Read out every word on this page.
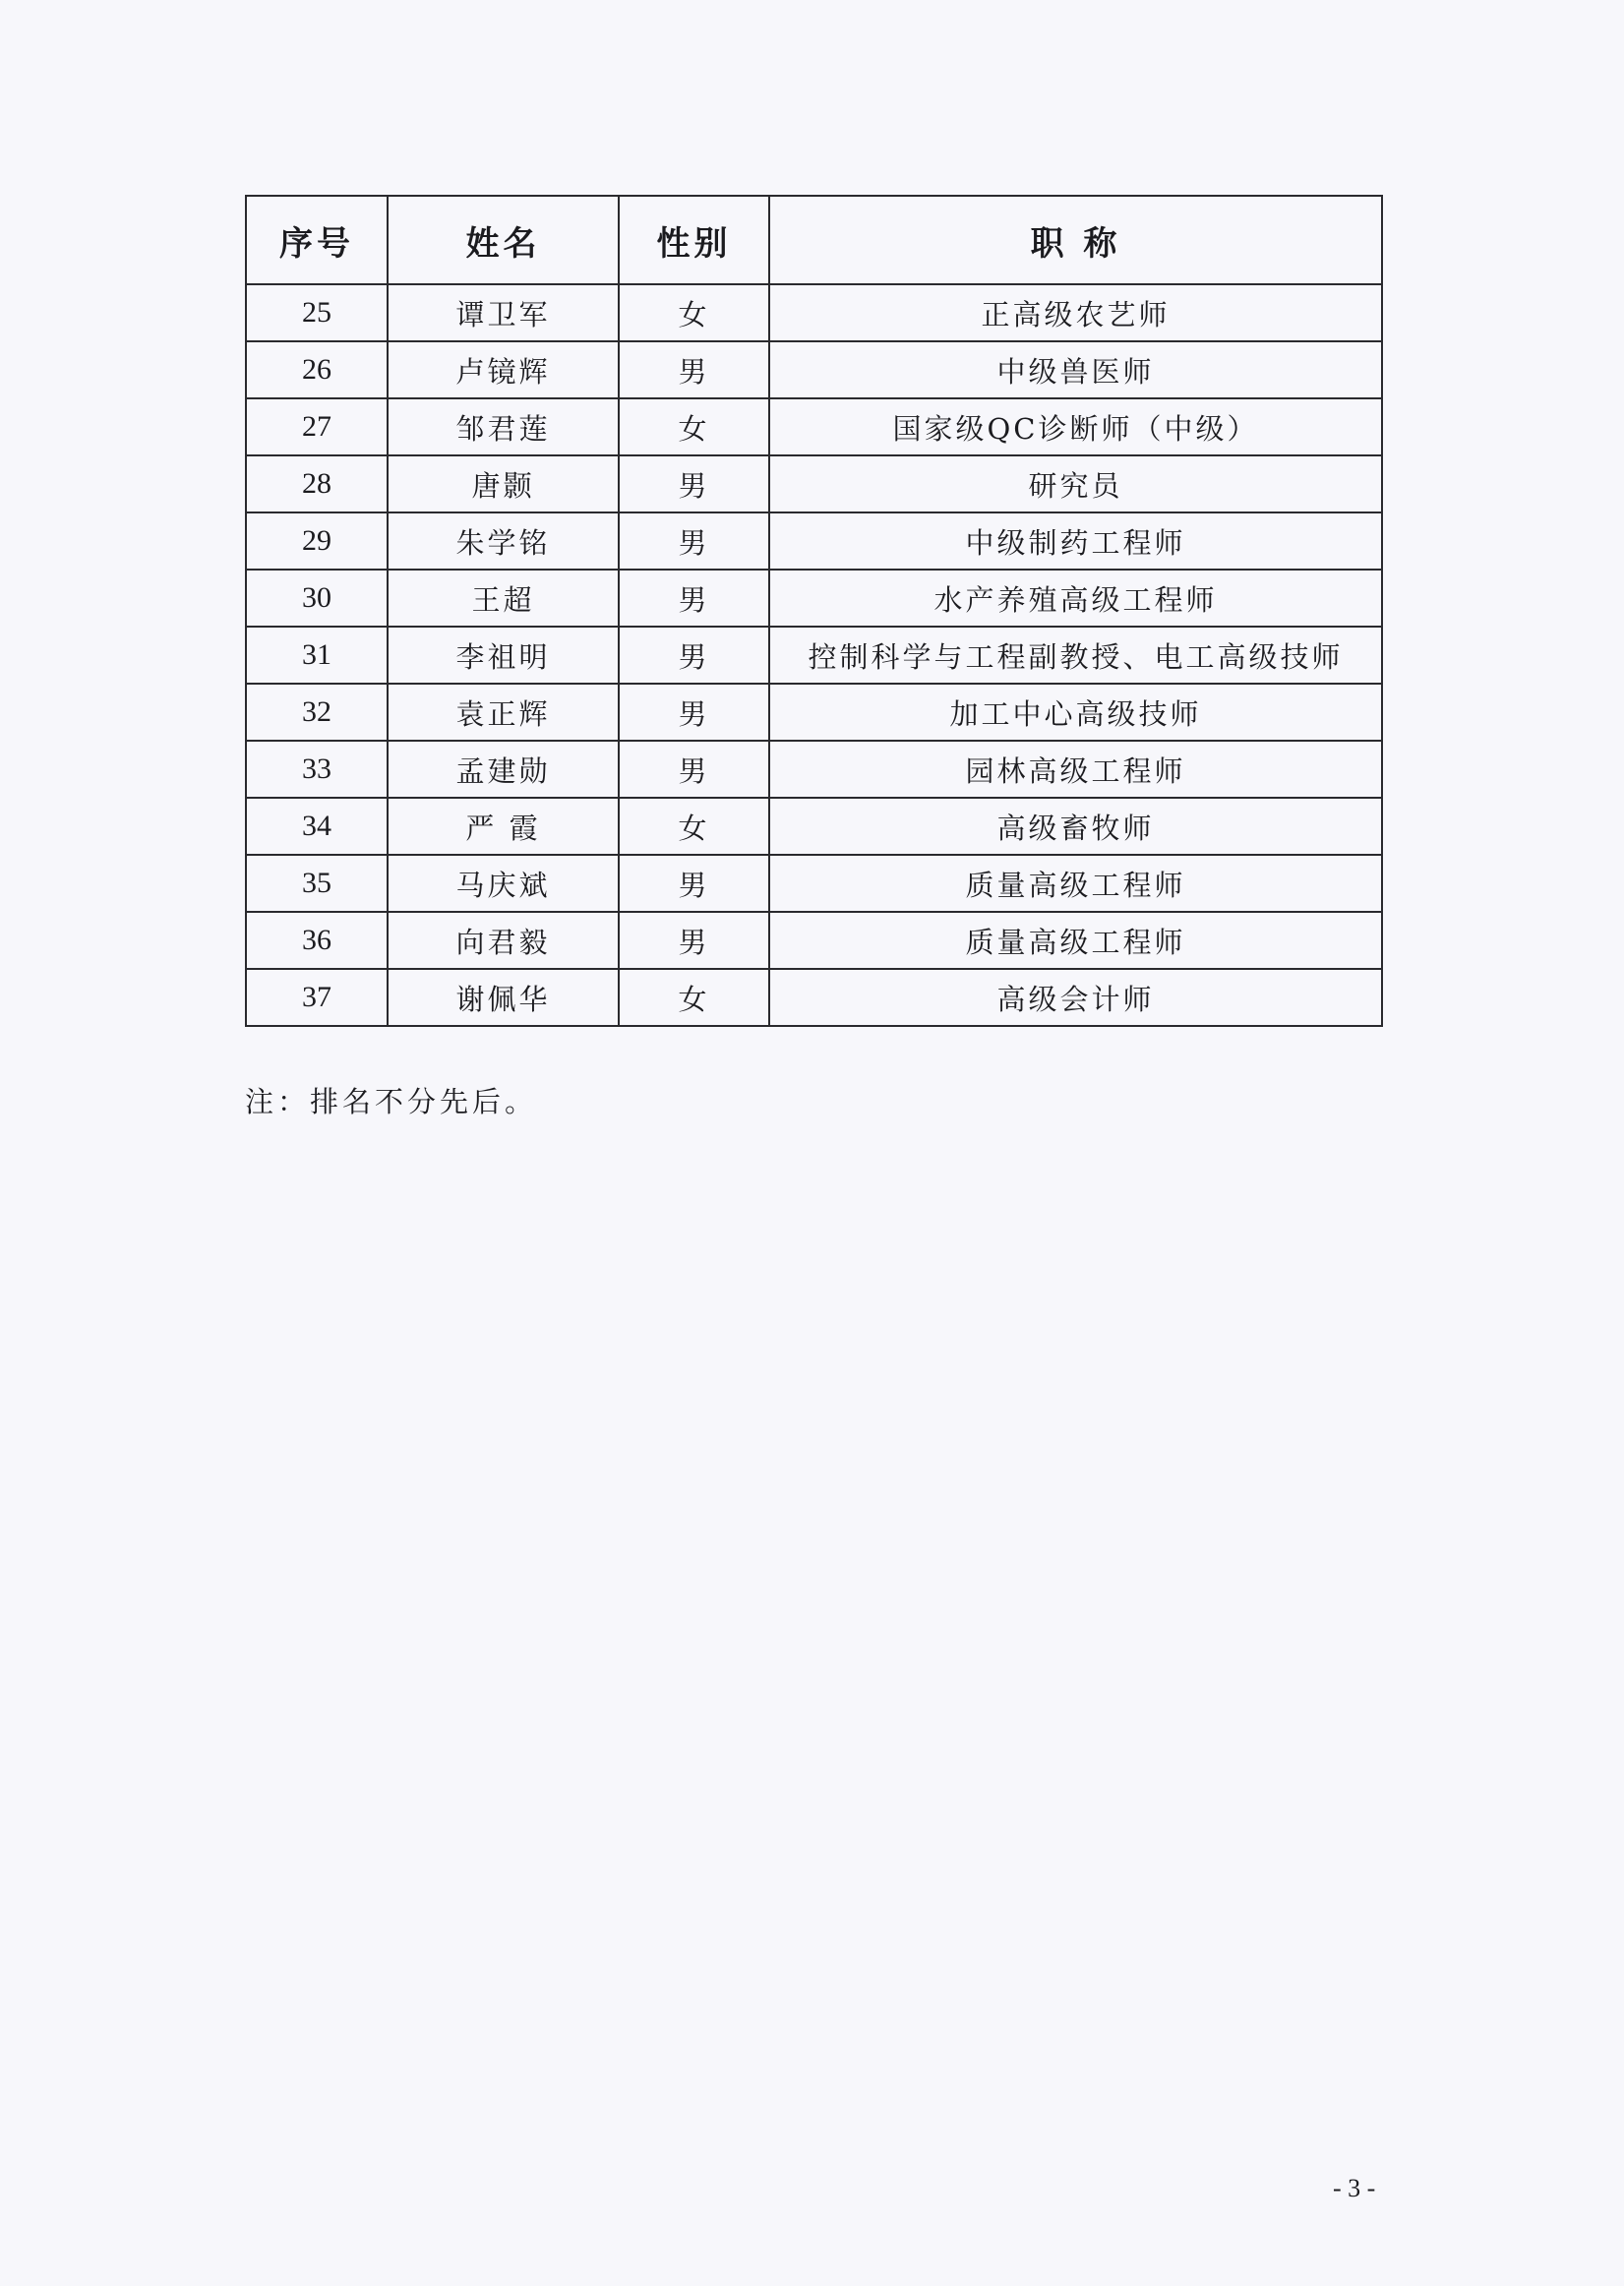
序号	姓名	性别	职 称
25	谭卫军	女	正高级农艺师
26	卢镜辉	男	中级兽医师
27	邹君莲	女	国家级QC诊断师（中级）
28	唐颢	男	研究员
29	朱学铭	男	中级制药工程师
30	王超	男	水产养殖高级工程师
31	李祖明	男	控制科学与工程副教授、电工高级技师
32	袁正辉	男	加工中心高级技师
33	孟建勋	男	园林高级工程师
34	严 霞	女	高级畜牧师
35	马庆斌	男	质量高级工程师
36	向君毅	男	质量高级工程师
37	谢佩华	女	高级会计师
注：排名不分先后。
- 3 -
